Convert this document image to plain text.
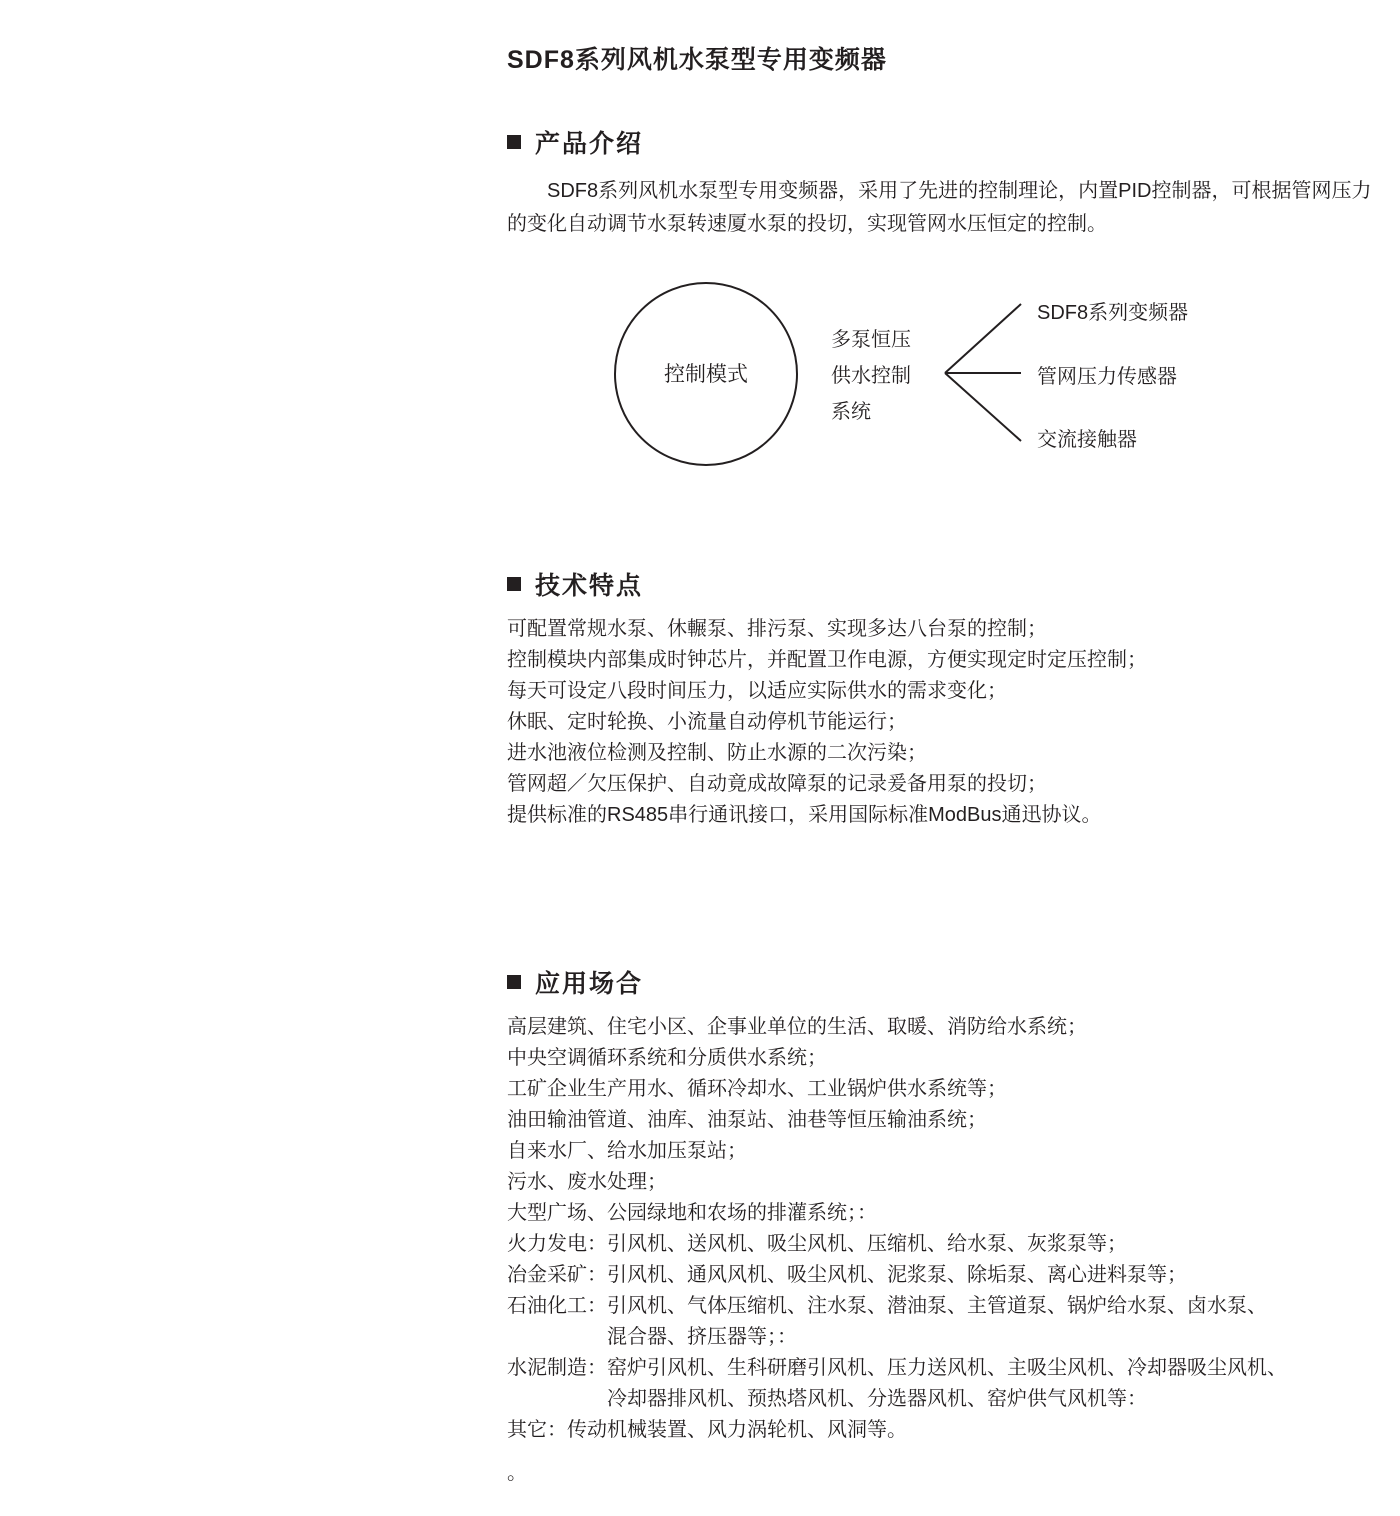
SDF8系列风机水泵型专用变频器
产品介绍

SDF8系列风机水泵型专用变频器，采用了先进的控制理论，内置PID控制器，可根据管网压力的变化自动调节水泵转速厦水泵的投切，实现管网水压恒定的控制。

控制模式
多泵恒压
供水控制
系统
SDF8系列变频器
管网压力传感器
交流接触器
技术特点
可配置常规水泵、休輾泵、排污泵、实现多达八台泵的控制；
控制模块内部集成时钟芯片，并配置卫作电源，方便实现定时定压控制；
每天可设定八段时间压力，以适应实际供水的需求变化；
休眠、定时轮换、小流量自动停机节能运行；
进水池液位检测及控制、防止水源的二次污染；
管网超／欠压保护、自动竟成故障泵的记录爰备用泵的投切；
提供标准的RS485串行通讯接口，采用国际标准ModBus通迅协议。
应用场合
高层建筑、住宅小区、企事业单位的生活、取暖、消防给水系统；
中央空调循环系统和分质供水系统；
工矿企业生产用水、循环冷却水、工业锅炉供水系统等；
油田输油管道、油库、油泵站、油巷等恒压输油系统；
自来水厂、给水加压泵站；
污水、废水处理；
大型广场、公园绿地和农场的排灌系统；：
火力发电： 引风机、送风机、吸尘风机、压缩机、给水泵、灰浆泵等；
冶金采矿： 引风机、通风风机、吸尘风机、泥浆泵、除垢泵、离心进料泵等；
石油化工： 引风机、气体压缩机、注水泵、潜油泵、主管道泵、锅炉给水泵、卤水泵、
混合器、挤压器等；：
水泥制造： 窑炉引风机、生科研磨引风机、压力送风机、主吸尘风机、冷却器吸尘风机、
冷却器排风机、预热塔风机、分选器风机、窑炉供气风机等：
其它： 传动机械装置、风力涡轮机、风洞等。
。
